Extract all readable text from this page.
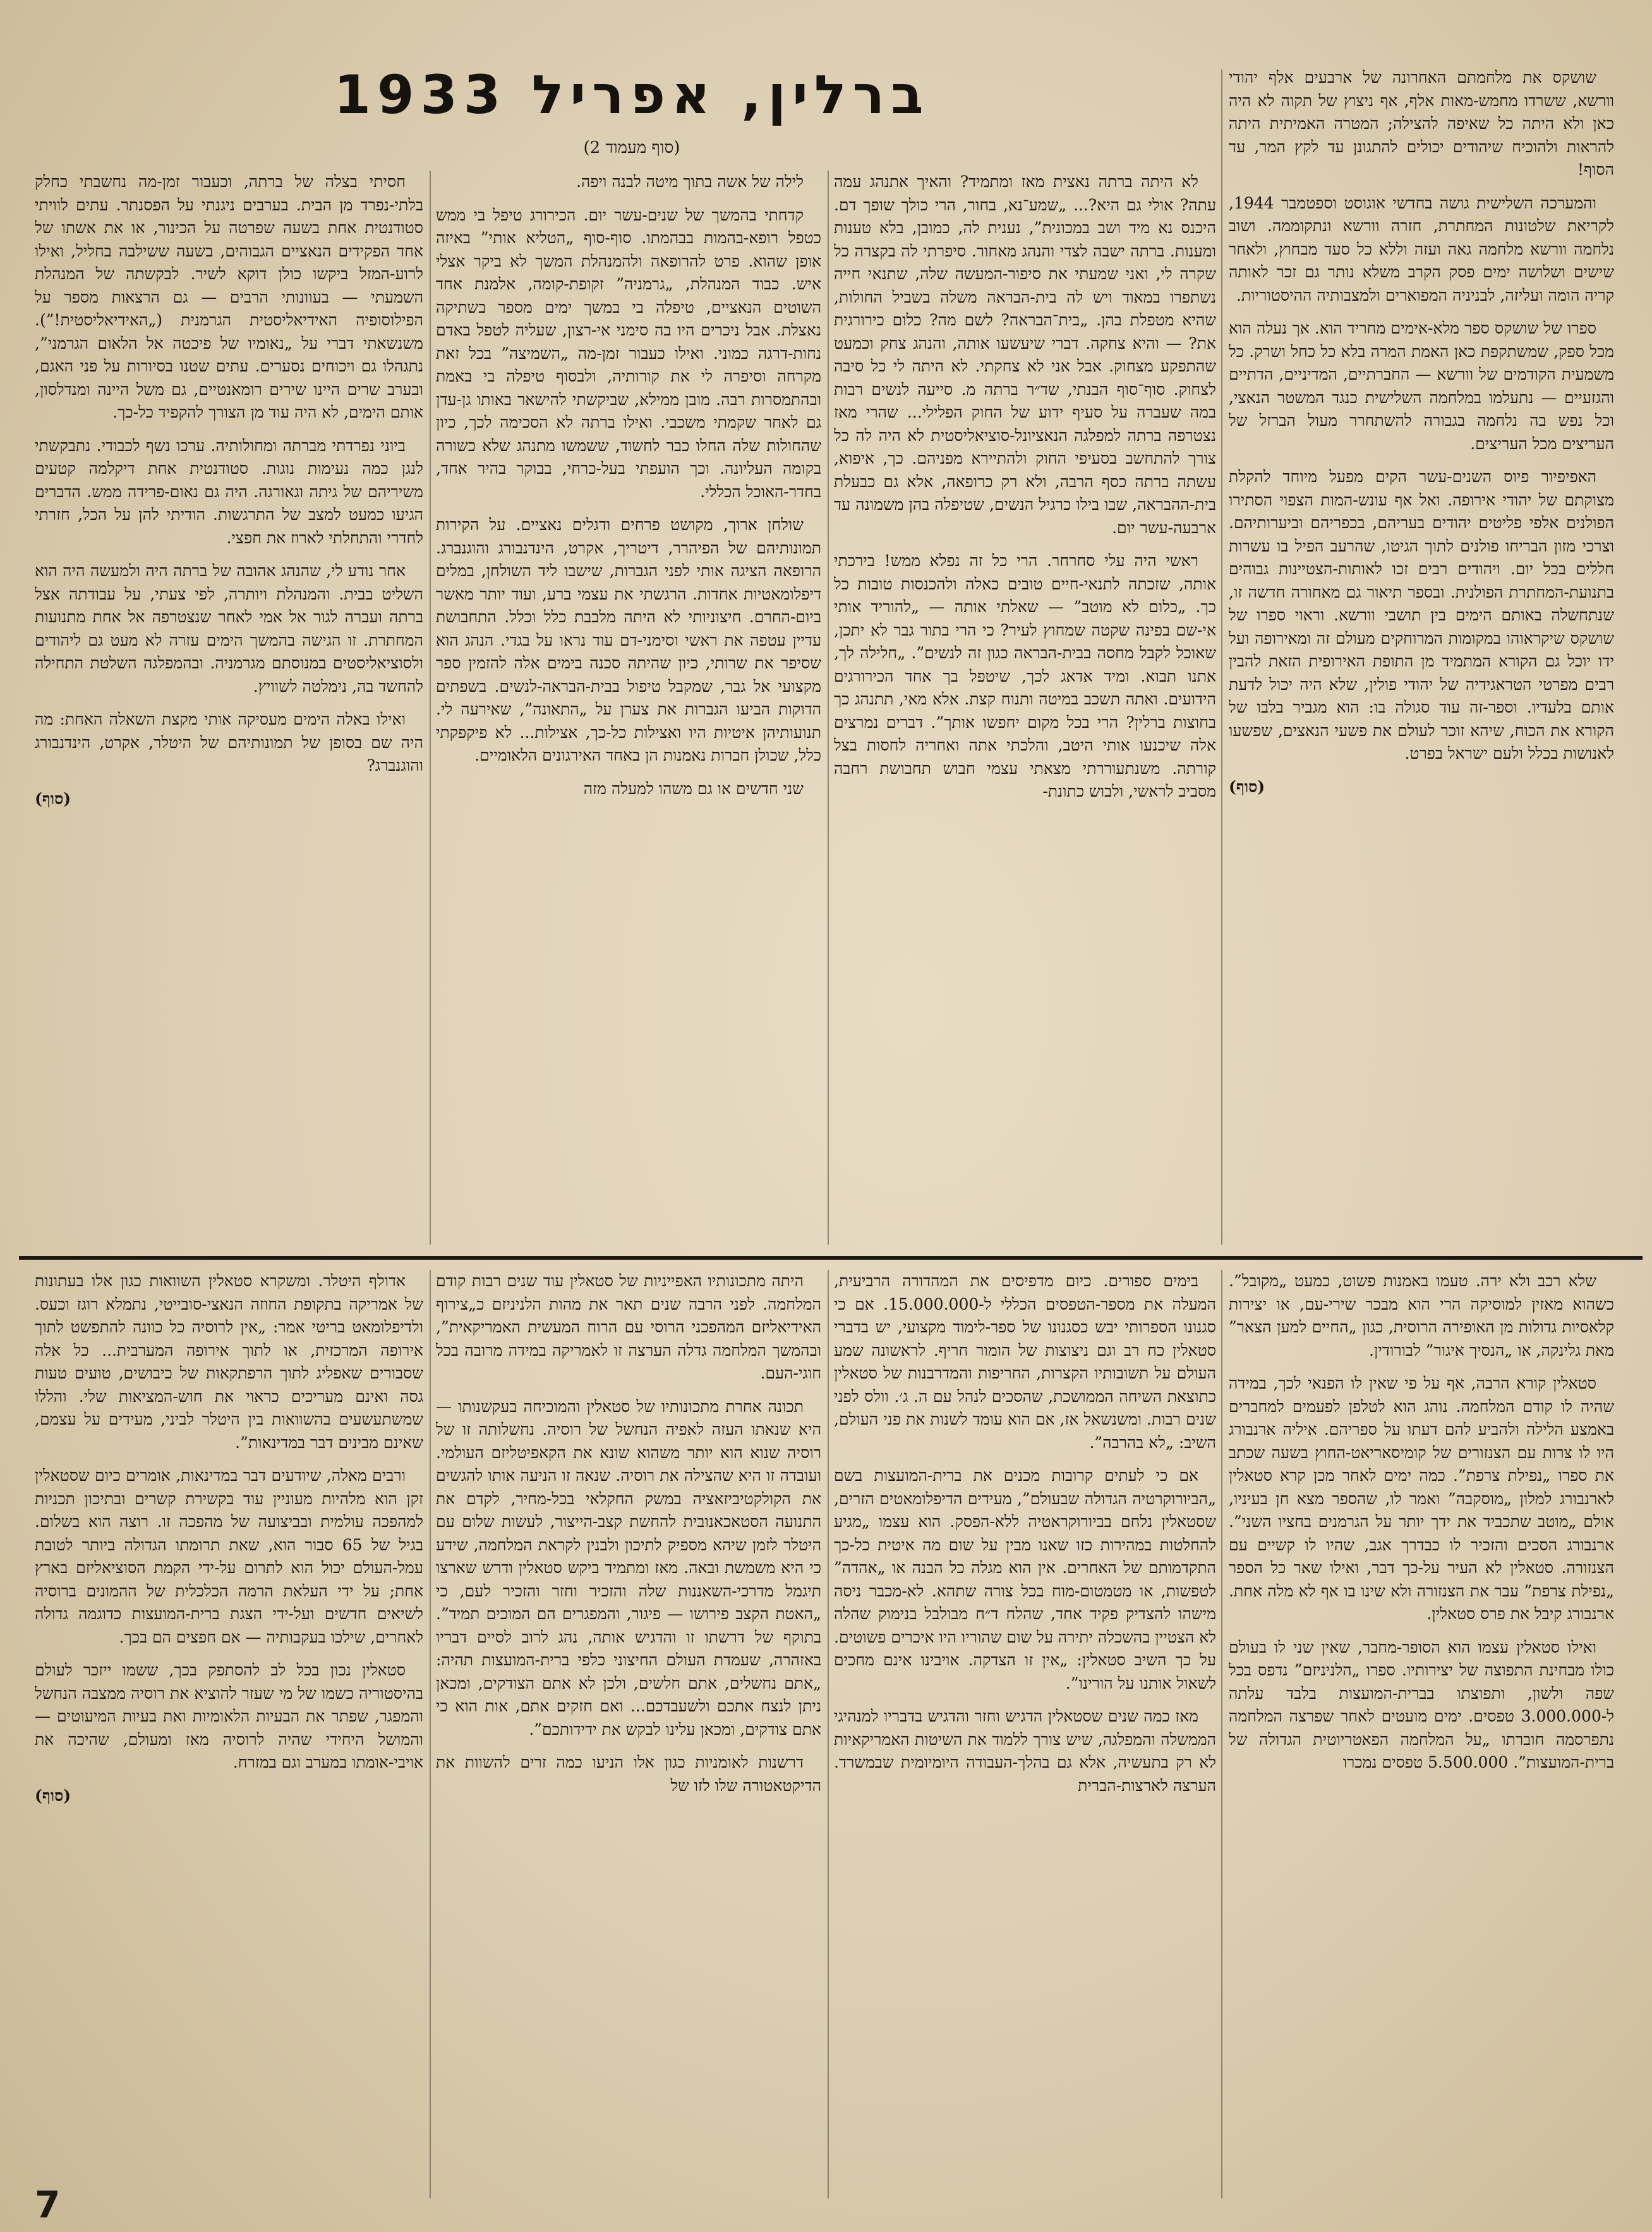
ברלין, אפריל 1933
(סוף מעמוד 2)

שושקס את מלחמתם האחרונה של ארבעים אלף יהודי וורשא, ששרדו מחמש-מאות אלף, אף ניצוץ של תקוה לא היה כאן ולא היתה כל שאיפה להצילה; המטרה האמיתית היתה להראות ולהוכיח שיהודים יכולים להתגונן עד לקץ המר, עד הסוף!

והמערכה השלישית גושה בחדשי אוגוסט וספטמבר 1944, לקריאת שלטונות המחתרת, חזרה וורשא ונתקוממה. ושוב נלחמה וורשא מלחמה גאה ועזה וללא כל סעד מבחוץ, ולאחר שישים ושלושה ימים פסק הקרב משלא נותר גם זכר לאותה קריה הומה ועליזה, לבניניה המפוארים ולמצבותיה ההיסטוריות.

ספרו של שושקס ספר מלא-אימים מחריד הוא. אך נעלה הוא מכל ספק, שמשתקפת כאן האמת המרה בלא כל כחל ושרק. כל משמעית הקודמים של וורשא — החברתיים, המדיניים, הדתיים והגזעיים — נתעלמו במלחמה השלישית כנגד המשטר הנאצי, וכל נפש בה נלחמה בגבורה להשתחרר מעול הברזל של העריצים מכל העריצים.

האפיפיור פיוס השנים-עשר הקים מפעל מיוחד להקלת מצוקתם של יהודי אירופה. ואל אף עונש-המות הצפוי הסתירו הפולנים אלפי פליטים יהודים בעריהם, בכפריהם וביערותיהם. וצרכי מזון הבריחו פולנים לתוך הגיטו, שהרעב הפיל בו עשרות חללים בכל יום. ויהודים רבים זכו לאותות-הצטיינות גבוהים בתנועת-המחתרת הפולנית. ובספר תיאור גם מאחורה חדשה זו, שנתחשלה באותם הימים בין תושבי וורשא. וראוי ספרו של שושקס שיקראוהו במקומות המרוחקים מעולם זה ומאירופה ועל ידו יוכל גם הקורא המתמיד מן התופת האירופית הזאת להבין רבים מפרטי הטראגידיה של יהודי פולין, שלא היה יכול לדעת אותם בלעדיו. וספר-זה עוד סגולה בו: הוא מגביר בלבו של הקורא את הכוח, שיהא זוכר לעולם את פשעי הנאצים, שפשעו לאנושות בכלל ולעם ישראל בפרט.

(סוף)

לא היתה ברתה נאצית מאז ומתמיד? והאיך אתנהג עמה עתה? אולי גם היא?... „שמע־נא, בחור, הרי כולך שופך דם. היכנס נא מיד ושב במכונית”, נענית לה, כמובן, בלא טענות ומענות. ברתה ישבה לצדי והנהג מאחור. סיפרתי לה בקצרה כל שקרה לי, ואני שמעתי את סיפור-המעשה שלה, שתנאי חייה נשתפרו במאוד ויש לה בית-הבראה משלה בשביל החולות, שהיא מטפלת בהן. „בית־הבראה? לשם מה? כלום כירורגית את? — והיא צחקה. דברי שיעשעו אותה, והנהג צחק וכמעט שהתפקע מצחוק. אבל אני לא צחקתי. לא היתה לי כל סיבה לצחוק. סוף־סוף הבנתי, שד״ר ברתה מ. סייעה לנשים רבות במה שעברה על סעיף ידוע של החוק הפלילי... שהרי מאז נצטרפה ברתה למפלגה הנאציונל-סוציאליסטית לא היה לה כל צורך להתחשב בסעיפי החוק ולהתיירא מפניהם. כך, איפוא, עשתה ברתה כסף הרבה, ולא רק כרופאה, אלא גם כבעלת בית-ההבראה, שבו בילו כרגיל הנשים, שטיפלה בהן משמונה עד ארבעה-עשר יום.

ראשי היה עלי סחרחר. הרי כל זה נפלא ממש! בירכתי אותה, שזכתה לתנאי-חיים טובים כאלה ולהכנסות טובות כל כך. „כלום לא מוטב” — שאלתי אותה — „להוריד אותי אי-שם בפינה שקטה שמחוץ לעיר? כי הרי בתור גבר לא יתכן, שאוכל לקבל מחסה בבית-הבראה כגון זה לנשים”. „חלילה לך, אתנו תבוא. ומיד אדאג לכך, שיטפל בך אחד הכירורגים הידועים. ואתה תשכב במיטה ותנוח קצת. אלא מאי, תתנהג כך בחוצות ברלין? הרי בכל מקום יחפשו אותך”. דברים נמרצים אלה שיכנעו אותי היטב, והלכתי אתה ואחריה לחסות בצל קורתה. משנתעוררתי מצאתי עצמי חבוש תחבושת רחבה מסביב לראשי, ולבוש כתונת-

לילה של אשה בתוך מיטה לבנה ויפה.

קדחתי בהמשך של שנים-עשר יום. הכירורג טיפל בי ממש כטפל רופא-בהמות בבהמתו. סוף-סוף „הטליא אותי” באיזה אופן שהוא. פרט להרופאה ולהמנהלת המשך לא ביקר אצלי איש. כבוד המנהלת, „גרמניה” זקופת-קומה, אלמנת אחד השוטים הנאציים, טיפלה בי במשך ימים מספר בשתיקה נאצלת. אבל ניכרים היו בה סימני אי-רצון, שעליה לטפל באדם נחות-דרגה כמוני. ואילו כעבור זמן-מה „השמיצה” בכל זאת מקרחה וסיפרה לי את קורותיה, ולבסוף טיפלה בי באמת ובהתמסרות רבה. מובן ממילא, שביקשתי להישאר באותו גן-עדן גם לאחר שקמתי משכבי. ואילו ברתה לא הסכימה לכך, כיון שהחולות שלה החלו כבר לחשוד, ששמשו מתנהג שלא כשורה בקומה העליונה. וכך הועפתי בעל-כרחי, בבוקר בהיר אחד, בחדר-האוכל הכללי.

שולחן ארוך, מקושט פרחים ודגלים נאציים. על הקירות תמונותיהם של הפיהרר, דיטריך, אקרט, הינדנבורג והוגנברג. הרופאה הציגה אותי לפני הגברות, שישבו ליד השולחן, במלים דיפלומאטיות אחדות. הרגשתי את עצמי ברע, ועוד יותר מאשר ביום-החרם. חיצוניותי לא היתה מלבבת כלל וכלל. התחבושת עדיין עטפה את ראשי וסימני-דם עוד נראו על בגדי. הנהג הוא שסיפר את שרותי, כיון שהיתה סכנה בימים אלה להזמין ספר מקצועי אל גבר, שמקבל טיפול בבית-הבראה-לנשים. בשפתים הדוקות הביעו הגברות את צערן על „התאונה”, שאירעה לי. תנועותיהן איטיות היו ואצילות כל-כך, אצילות... לא פיקפקתי כלל, שכולן חברות נאמנות הן באחד האירגונים הלאומיים.

שני חדשים או גם משהו למעלה מזה

חסיתי בצלה של ברתה, וכעבור זמן-מה נחשבתי כחלק בלתי-נפרד מן הבית. בערבים ניגנתי על הפסנתר. עתים לוויתי סטודנטית אחת בשעה שפרטה על הכינור, או את אשתו של אחד הפקידים הנאציים הגבוהים, בשעה ששילבה בחליל, ואילו לרוע-המזל ביקשו כולן דוקא לשיר. לבקשתה של המנהלת השמעתי — בעוונותי הרבים — גם הרצאות מספר על הפילוסופיה האידיאליסטית הגרמנית („האידיאליסטית!”). משנשאתי דברי על „נאומיו של פיכטה אל הלאום הגרמני”, נתגהלו גם ויכוחים נסערים. עתים שטנו בסיורות על פני האגם, ובערב שרים היינו שירים רומאנטיים, גם משל היינה ומנדלסון, אותם הימים, לא היה עוד מן הצורך להקפיד כל-כך.

ביוני נפרדתי מברתה ומחולותיה. ערכו נשף לכבודי. נתבקשתי לנגן כמה נעימות נוגות. סטודנטית אחת דיקלמה קטעים משיריהם של גיתה וגאורגה. היה גם נאום-פרידה ממש. הדברים הגיעו כמעט למצב של התרגשות. הודיתי להן על הכל, חזרתי לחדרי והתחלתי לארוז את חפצי.

אחר נודע לי, שהנהג אהובה של ברתה היה ולמעשה היה הוא השליט בבית. והמנהלת ויותרה, לפי צעתי, על עבודתה אצל ברתה ועברה לגור אל אמי לאחר שנצטרפה אל אחת מתנועות המחתרת. זו הגישה בהמשך הימים עזרה לא מעט גם ליהודים ולסוציאליסטים במנוסתם מגרמניה. ובהמפלגה השלטת התחילה להחשד בה, נימלטה לשוויץ.

ואילו באלה הימים מעסיקה אותי מקצת השאלה האחת: מה היה שם בסופן של תמונותיהם של היטלר, אקרט, הינדנבורג והוגנברג?

(סוף)

שלא רכב ולא ירה. טעמו באמנות פשוט, כמעט „מקובל”. כשהוא מאזין למוסיקה הרי הוא מבכר שירי-עם, או יצירות קלאסיות גדולות מן האופירה הרוסית, כגון „החיים למען הצאר” מאת גלינקה, או „הנסיך איגור” לבורודין.

סטאלין קורא הרבה, אף על פי שאין לו הפנאי לכך, במידה שהיה לו קודם המלחמה. נוהג הוא לטלפן לפעמים למחברים באמצע הלילה ולהביע להם דעתו על ספריהם. איליה ארנבורג היו לו צרות עם הצנזורים של קומיסאריאט-החוץ בשעה שכתב את ספרו „נפילת צרפת”. כמה ימים לאחר מכן קרא סטאלין לארנבורג למלון „מוסקבה” ואמר לו, שהספר מצא חן בעיניו, אולם „מוטב שתכביד את ידך יותר על הגרמנים בחציו השני”. ארנבורג הסכים והזכיר לו כבדרך אגב, שהיו לו קשיים עם הצנזורה. סטאלין לא העיר על-כך דבר, ואילו שאר כל הספר „נפילת צרפת” עבר את הצנזורה ולא שינו בו אף לא מלה אחת. ארנבורג קיבל את פרס סטאלין.

ואילו סטאלין עצמו הוא הסופר-מחבר, שאין שני לו בעולם כולו מבחינת התפוצה של יצירותיו. ספרו „הלניניזם” נדפס בכל שפה ולשון, ותפוצתו בברית-המועצות בלבד עלתה ל-3.000.000 טפסים. ימים מועטים לאחר שפרצה המלחמה נתפרסמה חוברתו „על המלחמה הפאטריוטית הגדולה של ברית-המועצות”. 5.500.000 טפסים נמכרו

בימים ספורים. כיום מדפיסים את המהדורה הרביעית, המעלה את מספר-הטפסים הכללי ל-15.000.000. אם כי סגנונו הספרותי יבש כסגנונו של ספר-לימוד מקצועי, יש בדברי סטאלין כח רב וגם ניצוצות של הומור חריף. לראשונה שמע העולם על תשובותיו הקצרות, החריפות והמדרבנות של סטאלין כתוצאת השיחה הממושכת, שהסכים לנהל עם ה. ג׳. וולס לפני שנים רבות. ומשנשאל אז, אם הוא עומד לשנות את פני העולם, השיב: „לא בהרבה”.

אם כי לעתים קרובות מכנים את ברית-המועצות בשם „הביורוקרטיה הגדולה שבעולם”, מעידים הדיפלומאטים הזרים, שסטאלין נלחם בביורוקראטיה ללא-הפסק. הוא עצמו „מגיע להחלטות במהירות כזו שאנו מבין על שום מה איטית כל-כך התקדמותם של האחרים. אין הוא מגלה כל הבנה או „אהדה” לטפשות, או מטמטום-מוח בכל צורה שתהא. לא-מכבר ניסה מישהו להצדיק פקיד אחד, שהלח ד״ח מבולבל בנימוק שהלה לא הצטיין בהשכלה יתירה על שום שהוריו היו איכרים פשוטים. על כך השיב סטאלין: „אין זו הצדקה. אויבינו אינם מחכים לשאול אותנו על הורינו”.

מאז כמה שנים שסטאלין הדגיש וחזר והדגיש בדבריו למנהיגי הממשלה והמפלגה, שיש צורך ללמוד את השיטות האמריקאיות לא רק בתעשיה, אלא גם בהלך-העבודה היומיומית שבמשרד. הערצה לארצות-הברית

היתה מתכונותיו האפייניות של סטאלין עוד שנים רבות קודם המלחמה. לפני הרבה שנים תאר את מהות הלניניזם כ„צירוף האידיאליזם המהפכני הרוסי עם הרוח המעשית האמריקאית”, ובהמשך המלחמה גדלה הערצה זו לאמריקה במידה מרובה בכל חוגי-העם.

תכונה אחרת מתכונותיו של סטאלין והמוכיחה בעקשנותו — היא שנאתו העזה לאפיה הנחשל של רוסיה. נחשלותה זו של רוסיה שנוא הוא יותר משהוא שונא את הקאפיטליזם העולמי. ועובדה זו היא שהצילה את רוסיה. שנאה זו הניעה אותו להגשים את הקולקטיביזאציה במשק החקלאי בכל-מחיר, לקדם את התנועה הסטאכאנובית להחשת קצב-הייצור, לעשות שלום עם היטלר לזמן שיהא מספיק לתיכון ולבנין לקראת המלחמה, שידע כי היא משמשת ובאה. מאז ומתמיד ביקש סטאלין ודרש שארצו תיגמל מדרכי-השאננות שלה והזכיר וחזר והזכיר לעם, כי „האטת הקצב פירושו — פיגור, והמפגרים הם המוכים תמיד”. בתוקף של דרשתו זו והדגיש אותה, נהג לרוב לסיים דבריו באזהרה, שעמדת העולם החיצוני כלפי ברית-המועצות תהיה: „אתם נחשלים, אתם חלשים, ולכן לא אתם הצודקים, ומכאן ניתן לנצח אתכם ולשעבדכם... ואם חזקים אתם, אות הוא כי אתם צודקים, ומכאן עלינו לבקש את ידידותכם”.

דרשנות לאומניות כגון אלו הניעו כמה זרים להשוות את הדיקטאטורה שלו לזו של

אדולף היטלר. ומשקרא סטאלין השוואות כגון אלו בעתונות של אמריקה בתקופת החוזה הנאצי-סובייטי, נתמלא רוגז וכעס. ולדיפלומאט בריטי אמר: „אין לרוסיה כל כוונה להתפשט לתוך אירופה המרכזית, או לתוך אירופה המערבית... כל אלה שסבורים שאפליג לתוך הרפתקאות של כיבושים, טועים טעות גסה ואינם מעריכים כראוי את חוש-המציאות שלי. והללו שמשתעשעים בהשוואות בין היטלר לביני, מעידים על עצמם, שאינם מבינים דבר במדינאות”.

ורבים מאלה, שיודעים דבר במדינאות, אומרים כיום שסטאלין זקן הוא מלהיות מעוניין עוד בקשירת קשרים ובתיכון תכניות למהפכה עולמית ובביצועה של מהפכה זו. רוצה הוא בשלום. בגיל של 65 סבור הוא, שאת תרומתו הגדולה ביותר לטובת עמל-העולם יכול הוא לתרום על-ידי הקמת הסוציאליזם בארץ אחת; על ידי העלאת הרמה הכלכלית של ההמונים ברוסיה לשיאים חדשים ועל-ידי הצגת ברית-המועצות כדוגמה גדולה לאחרים, שילכו בעקבותיה — אם חפצים הם בכך.

סטאלין נכון בכל לב להסתפק בכך, ששמו ייזכר לעולם בהיסטוריה כשמו של מי שעזר להוציא את רוסיה ממצבה הנחשל והמפגר, שפתר את הבעיות הלאומיות ואת בעיות המיעוטים — והמושל היחידי שהיה לרוסיה מאז ומעולם, שהיכה את אויבי-אומתו במערב וגם במזרח.

(סוף)
7
